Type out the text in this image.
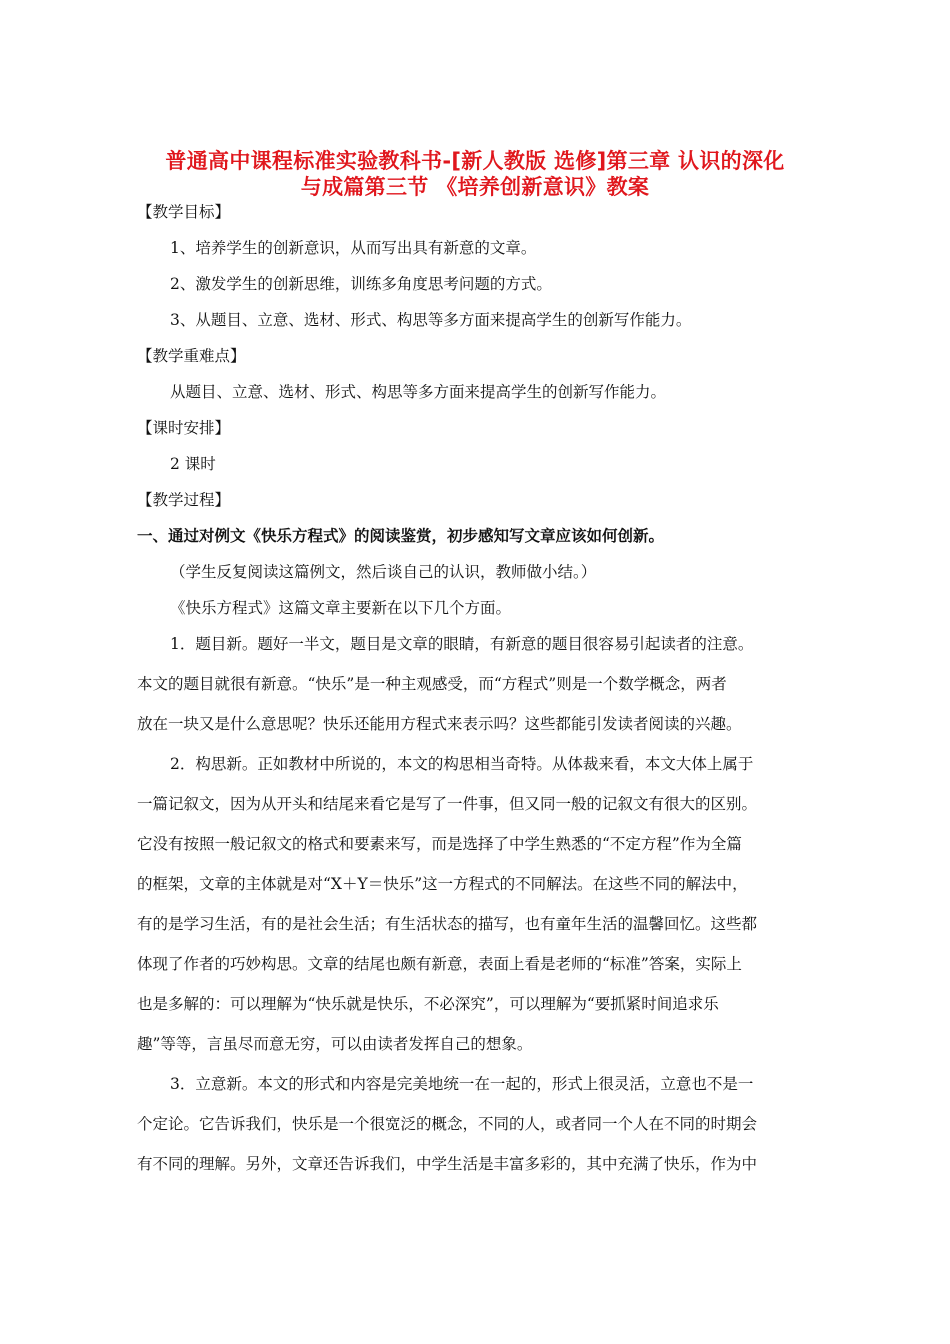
普通高中课程标准实验教科书-[新人教版 选修]第三章 认识的深化
与成篇第三节 《培养创新意识》教案
【教学目标】
1、培养学生的创新意识，从而写出具有新意的文章。
2、激发学生的创新思维，训练多角度思考问题的方式。
3、从题目、立意、选材、形式、构思等多方面来提高学生的创新写作能力。
【教学重难点】
从题目、立意、选材、形式、构思等多方面来提高学生的创新写作能力。
【课时安排】
2 课时
【教学过程】
一、通过对例文《快乐方程式》的阅读鉴赏，初步感知写文章应该如何创新。
（学生反复阅读这篇例文，然后谈自己的认识，教师做小结。）
《快乐方程式》这篇文章主要新在以下几个方面。
1．题目新。题好一半文，题目是文章的眼睛，有新意的题目很容易引起读者的注意。
本文的题目就很有新意。“快乐”是一种主观感受，而“方程式”则是一个数学概念，两者
放在一块又是什么意思呢？快乐还能用方程式来表示吗？这些都能引发读者阅读的兴趣。
2．构思新。正如教材中所说的，本文的构思相当奇特。从体裁来看，本文大体上属于
一篇记叙文，因为从开头和结尾来看它是写了一件事，但又同一般的记叙文有很大的区别。
它没有按照一般记叙文的格式和要素来写，而是选择了中学生熟悉的“不定方程”作为全篇
的框架，文章的主体就是对“X＋Y＝快乐”这一方程式的不同解法。在这些不同的解法中，
有的是学习生活，有的是社会生活；有生活状态的描写，也有童年生活的温馨回忆。这些都
体现了作者的巧妙构思。文章的结尾也颇有新意，表面上看是老师的“标准”答案，实际上
也是多解的：可以理解为“快乐就是快乐，不必深究”，可以理解为“要抓紧时间追求乐
趣”等等，言虽尽而意无穷，可以由读者发挥自己的想象。
3．立意新。本文的形式和内容是完美地统一在一起的，形式上很灵活，立意也不是一
个定论。它告诉我们，快乐是一个很宽泛的概念，不同的人，或者同一个人在不同的时期会
有不同的理解。另外，文章还告诉我们，中学生活是丰富多彩的，其中充满了快乐，作为中
